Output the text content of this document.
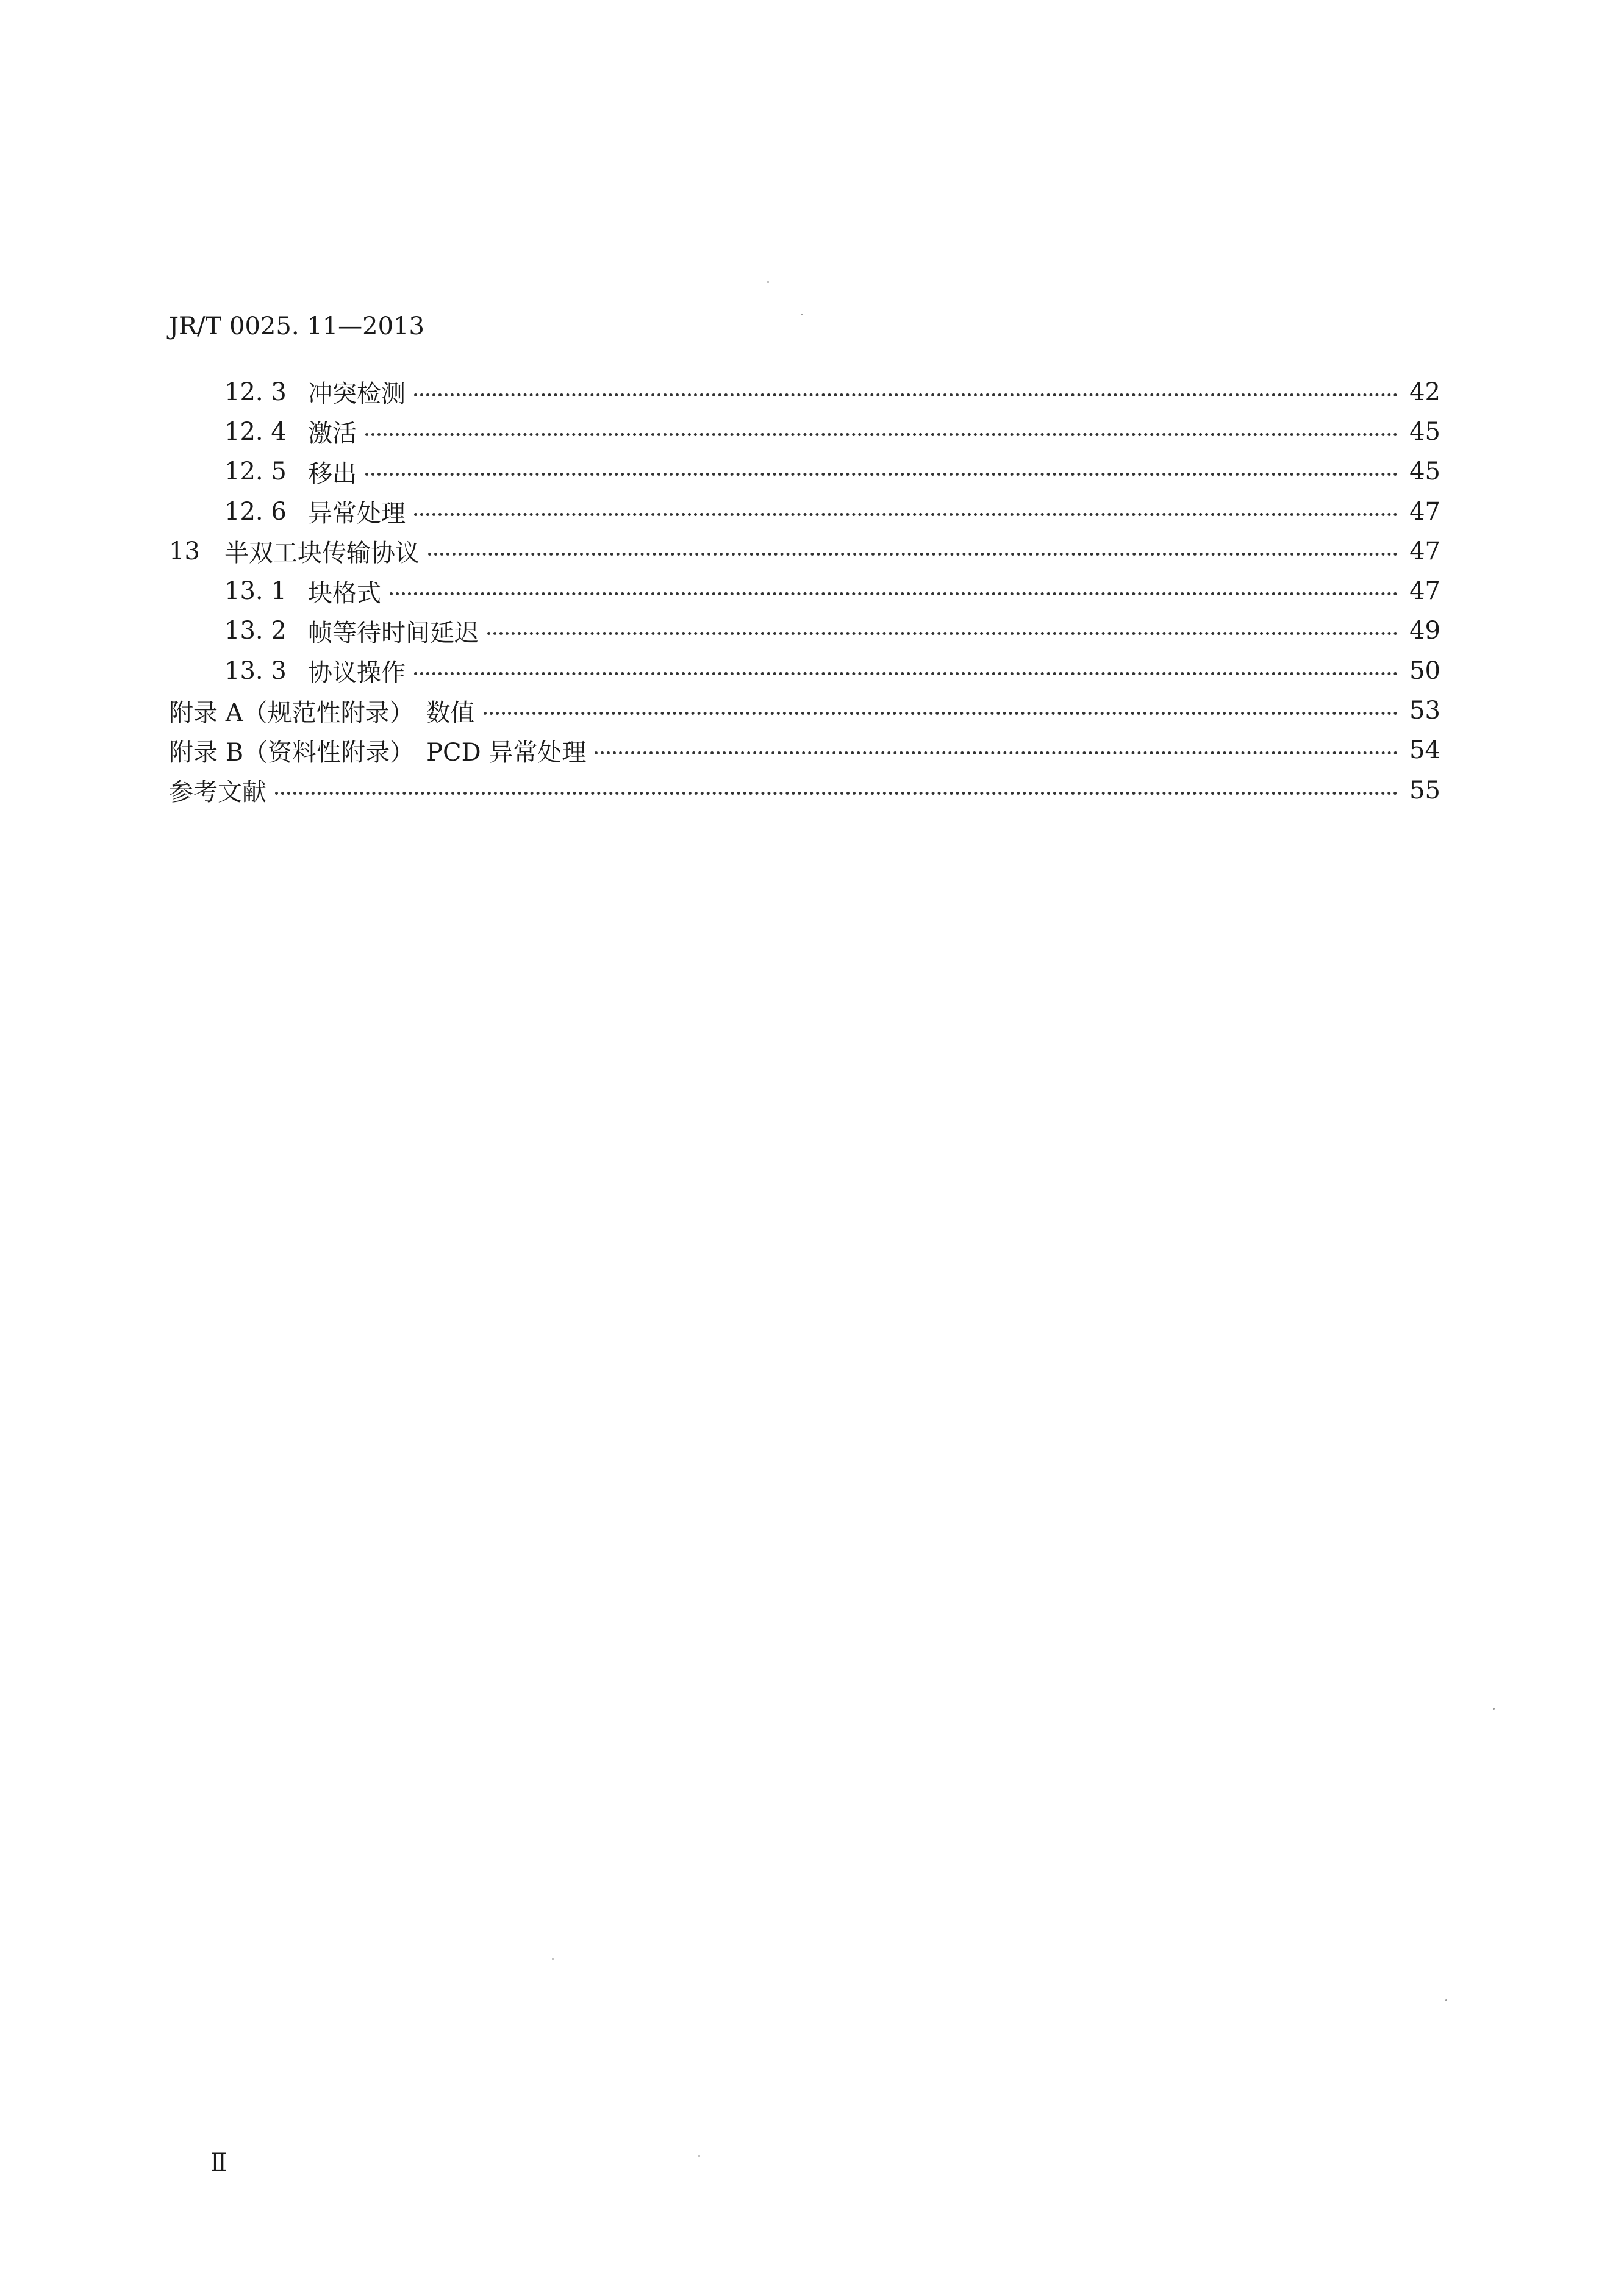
JR/T 0025. 11—2013
12. 3 冲突检测	42
12. 4 激活	45
12. 5 移出	45
12. 6 异常处理	47
13	半双工块传输协议	47
13. 1 块格式	47
13. 2 帧等待时间延迟	49
13. 3 协议操作	50
附录 A（规范性附录）　数值	53
附录 B（资料性附录）　PCD 异常处理	54
参考文献	55
Ⅱ
